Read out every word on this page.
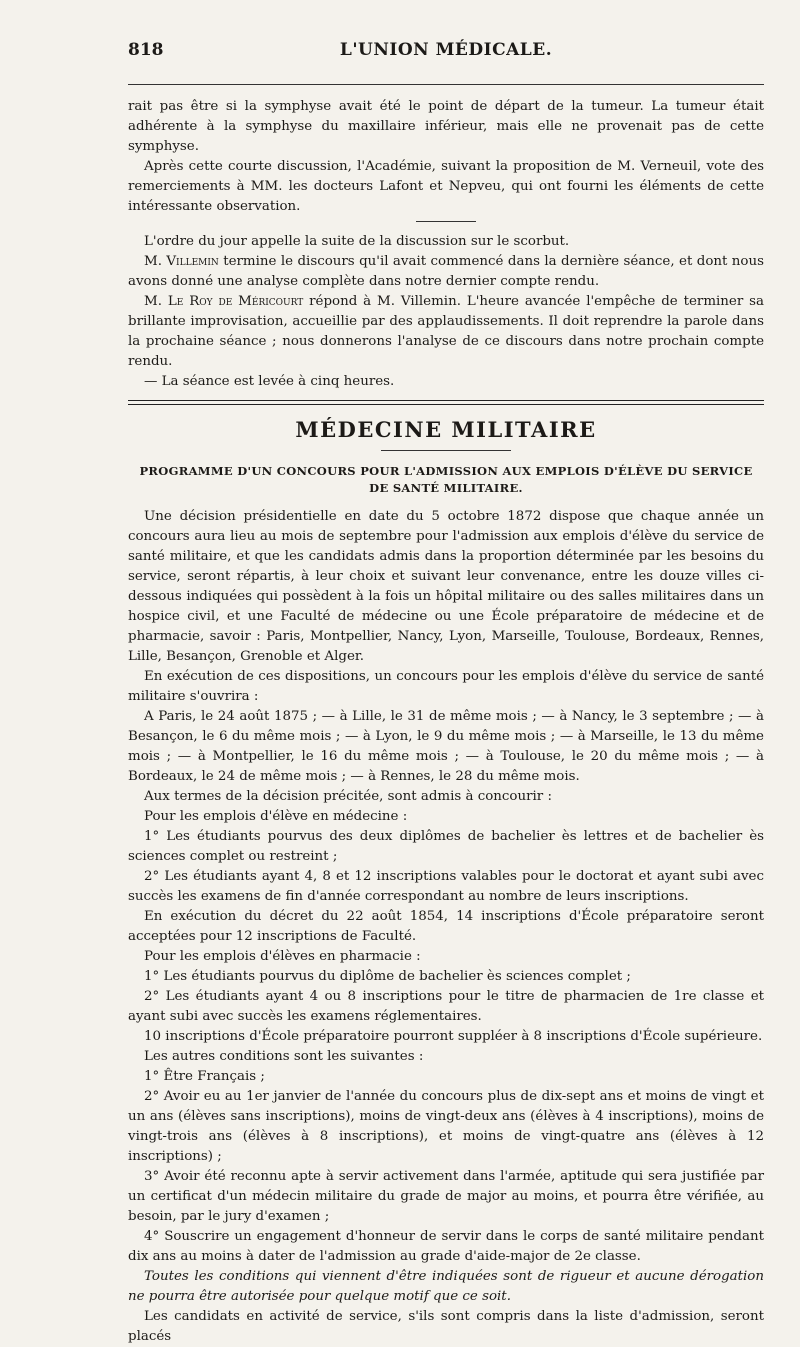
818	L'UNION MÉDICALE.

rait pas être si la symphyse avait été le point de départ de la tumeur. La tumeur était adhérente à la symphyse du maxillaire inférieur, mais elle ne provenait pas de cette symphyse.

Après cette courte discussion, l'Académie, suivant la proposition de M. Verneuil, vote des remerciements à MM. les docteurs Lafont et Nepveu, qui ont fourni les éléments de cette intéressante observation.

L'ordre du jour appelle la suite de la discussion sur le scorbut.

M. Villemin termine le discours qu'il avait commencé dans la dernière séance, et dont nous avons donné une analyse complète dans notre dernier compte rendu.

M. Le Roy de Méricourt répond à M. Villemin. L'heure avancée l'empêche de terminer sa brillante improvisation, accueillie par des applaudissements. Il doit reprendre la parole dans la prochaine séance ; nous donnerons l'analyse de ce discours dans notre prochain compte rendu.

— La séance est levée à cinq heures.

MÉDECINE MILITAIRE
PROGRAMME D'UN CONCOURS POUR L'ADMISSION AUX EMPLOIS D'ÉLÈVE DU SERVICE
DE SANTÉ MILITAIRE.

Une décision présidentielle en date du 5 octobre 1872 dispose que chaque année un concours aura lieu au mois de septembre pour l'admission aux emplois d'élève du service de santé militaire, et que les candidats admis dans la proportion déterminée par les besoins du service, seront répartis, à leur choix et suivant leur convenance, entre les douze villes ci-dessous indiquées qui possèdent à la fois un hôpital militaire ou des salles militaires dans un hospice civil, et une Faculté de médecine ou une École préparatoire de médecine et de pharmacie, savoir : Paris, Montpellier, Nancy, Lyon, Marseille, Toulouse, Bordeaux, Rennes, Lille, Besançon, Grenoble et Alger.

En exécution de ces dispositions, un concours pour les emplois d'élève du service de santé militaire s'ouvrira :

A Paris, le 24 août 1875 ; — à Lille, le 31 de même mois ; — à Nancy, le 3 septembre ; — à Besançon, le 6 du même mois ; — à Lyon, le 9 du même mois ; — à Marseille, le 13 du même mois ; — à Montpellier, le 16 du même mois ; — à Toulouse, le 20 du même mois ; — à Bordeaux, le 24 de même mois ; — à Rennes, le 28 du même mois.

Aux termes de la décision précitée, sont admis à concourir :

Pour les emplois d'élève en médecine :

1° Les étudiants pourvus des deux diplômes de bachelier ès lettres et de bachelier ès sciences complet ou restreint ;

2° Les étudiants ayant 4, 8 et 12 inscriptions valables pour le doctorat et ayant subi avec succès les examens de fin d'année correspondant au nombre de leurs inscriptions.

En exécution du décret du 22 août 1854, 14 inscriptions d'École préparatoire seront acceptées pour 12 inscriptions de Faculté.

Pour les emplois d'élèves en pharmacie :

1° Les étudiants pourvus du diplôme de bachelier ès sciences complet ;

2° Les étudiants ayant 4 ou 8 inscriptions pour le titre de pharmacien de 1re classe et ayant subi avec succès les examens réglementaires.

10 inscriptions d'École préparatoire pourront suppléer à 8 inscriptions d'École supérieure.

Les autres conditions sont les suivantes :

1° Être Français ;

2° Avoir eu au 1er janvier de l'année du concours plus de dix-sept ans et moins de vingt et un ans (élèves sans inscriptions), moins de vingt-deux ans (élèves à 4 inscriptions), moins de vingt-trois ans (élèves à 8 inscriptions), et moins de vingt-quatre ans (élèves à 12 inscriptions) ;

3° Avoir été reconnu apte à servir activement dans l'armée, aptitude qui sera justifiée par un certificat d'un médecin militaire du grade de major au moins, et pourra être vérifiée, au besoin, par le jury d'examen ;

4° Souscrire un engagement d'honneur de servir dans le corps de santé militaire pendant dix ans au moins à dater de l'admission au grade d'aide-major de 2e classe.

Toutes les conditions qui viennent d'être indiquées sont de rigueur et aucune dérogation ne pourra être autorisée pour quelque motif que ce soit.

Les candidats en activité de service, s'ils sont compris dans la liste d'admission, seront placés
